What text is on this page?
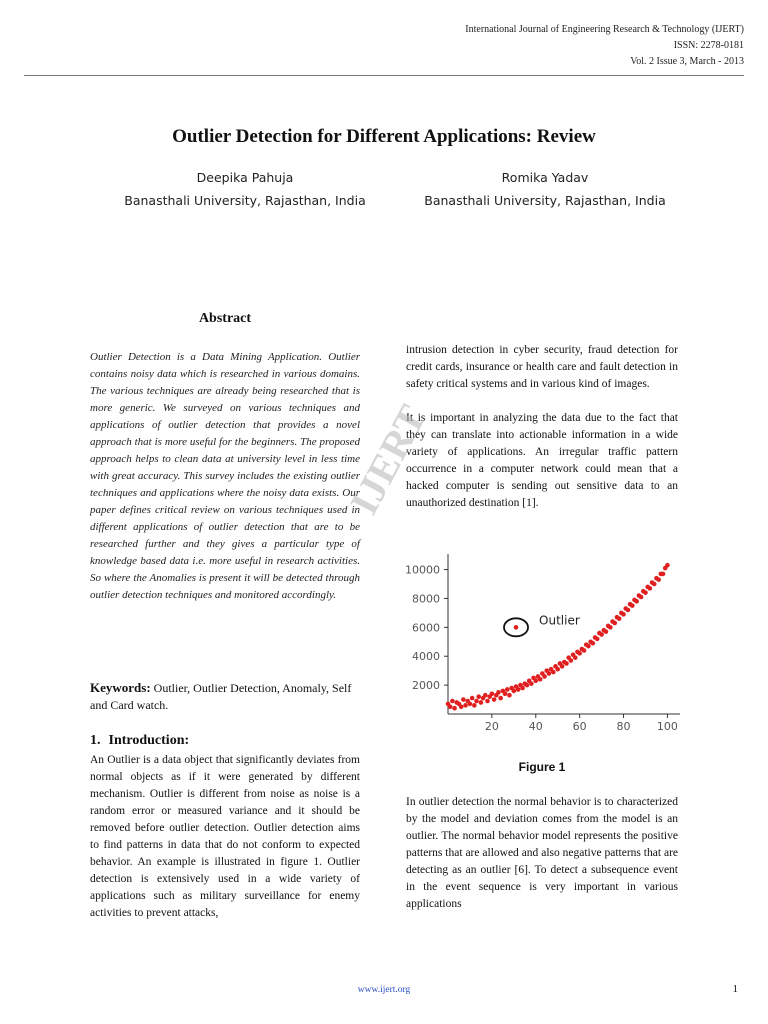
International Journal of Engineering Research & Technology (IJERT)
ISSN: 2278-0181
Vol. 2 Issue 3, March - 2013
Outlier Detection for Different Applications: Review
Deepika Pahuja
Banasthali University, Rajasthan, India
Romika Yadav
Banasthali University, Rajasthan, India
Abstract

Outlier Detection is a Data Mining Application. Outlier contains noisy data which is researched in various domains. The various techniques are already being researched that is more generic. We surveyed on various techniques and applications of outlier detection that provides a novel approach that is more useful for the beginners. The proposed approach helps to clean data at university level in less time with great accuracy. This survey includes the existing outlier techniques and applications where the noisy data exists. Our paper defines critical review on various techniques used in different applications of outlier detection that are to be researched further and they gives a particular type of knowledge based data i.e. more useful in research activities. So where the Anomalies is present it will be detected through outlier detection techniques and monitored accordingly.

Keywords: Outlier, Outlier Detection, Anomaly, Self and Card watch.

1. Introduction:

An Outlier is a data object that significantly deviates from normal objects as if it were generated by different mechanism. Outlier is different from noise as noise is a random error or measured variance and it should be removed before outlier detection. Outlier detection aims to find patterns in data that do not conform to expected behavior. An example is illustrated in figure 1. Outlier detection is extensively used in a wide variety of applications such as military surveillance for enemy activities to prevent attacks,

intrusion detection in cyber security, fraud detection for credit cards, insurance or health care and fault detection in safety critical systems and in various kind of images.

It is important in analyzing the data due to the fact that they can translate into actionable information in a wide variety of applications. An irregular traffic pattern occurrence in a computer network could mean that a hacked computer is sending out sensitive data to an unauthorized destination [1].

IJERT
20	40	60	80 100
2000
4000
6000
8000
10000
Outlier
Figure 1

In outlier detection the normal behavior is to characterized by the model and deviation comes from the model is an outlier. The normal behavior model represents the positive patterns that are allowed and also negative patterns that are detecting as an outlier [6]. To detect a subsequence event in the event sequence is very important in various applications

www.ijert.org	1
